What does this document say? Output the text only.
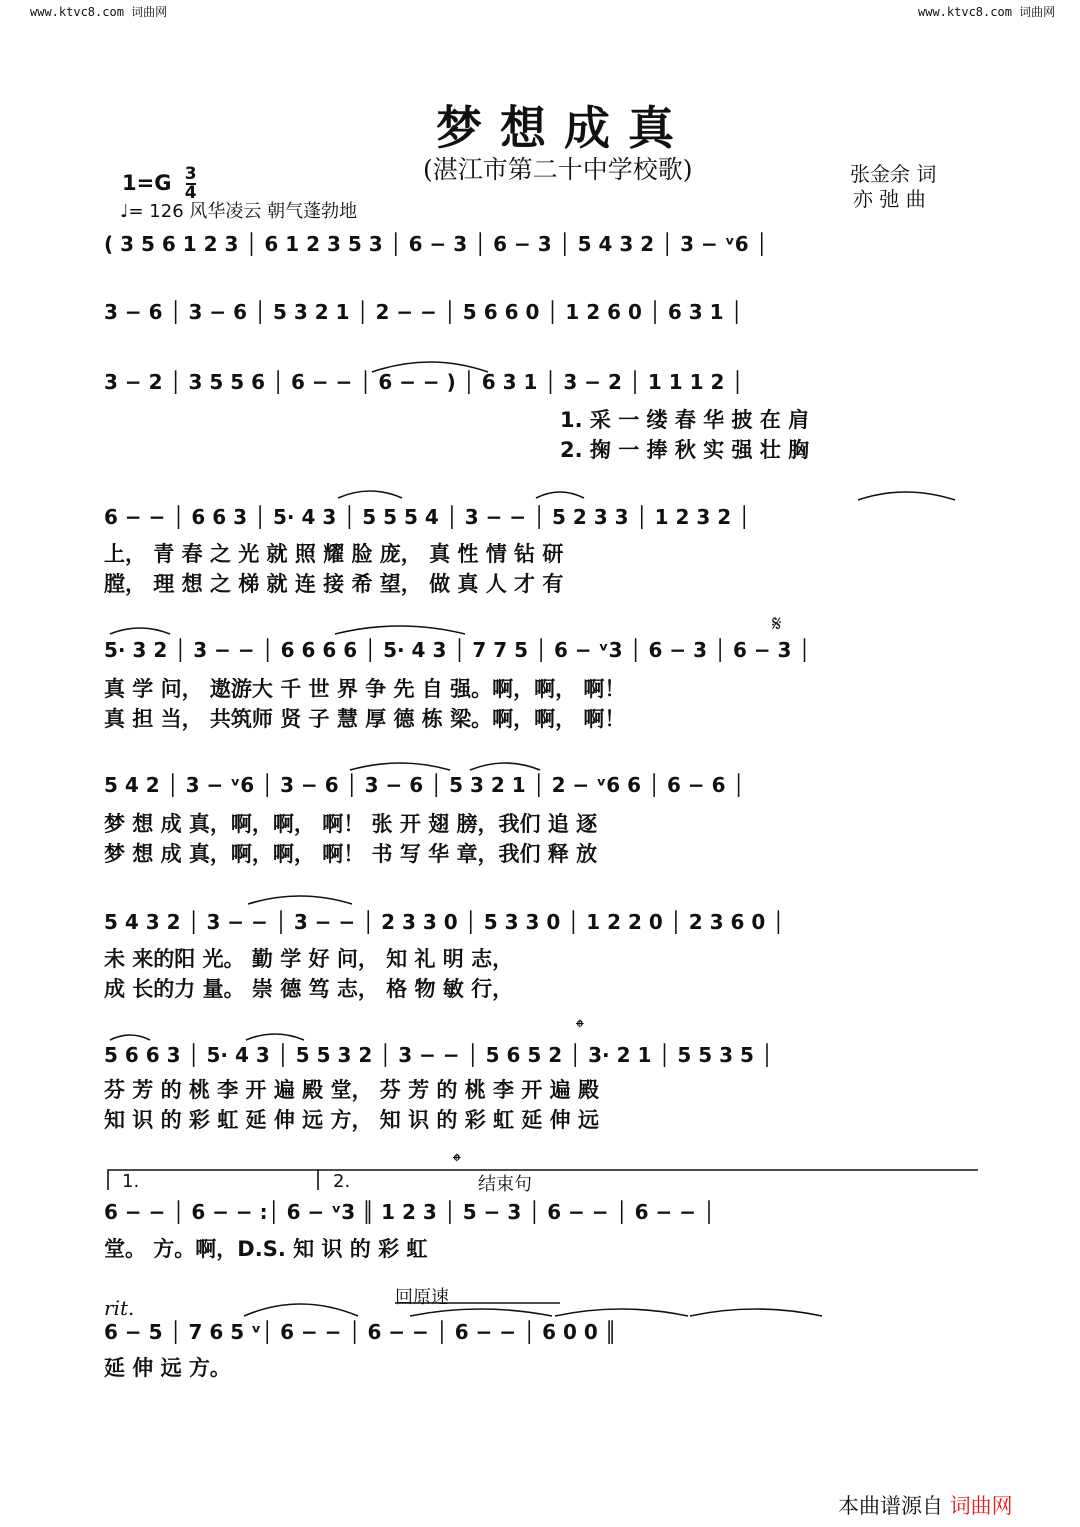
www.ktvc8.com 词曲网	www.ktvc8.com 词曲网
梦想成真
(湛江市第二十中学校歌)	张金余 词
亦 弛 曲
$1=G \frac{3}{4}$
♩= 126 风华凌云 朝气蓬勃地
𝄋
𝄌
𝄌
1.	2.	结束句
rit.	回原速
( 3 5 6 1 2 3 │ 6 1 2 3 5 3 │ 6 − 3 │ 6 − 3 │ 5 4 3 2 │ 3 − ᵛ6 │
3 − 6 │ 3 − 6 │ 5 3 2 1 │ 2 − − │ 5 6 6 0 │ 1 2 6 0 │ 6 3 1 │
3 − 2 │ 3 5 5 6 │ 6 − − │ 6 − − ) │ 6 3 1 │ 3 − 2 │ 1 1 1 2 │
1. 采 一 缕 春 华 披 在 肩
2. 掬 一 捧 秋 实 强 壮 胸
6 − − │ 6 6 3 │ 5· 4 3 │ 5 5 5 4 │ 3 − − │ 5 2 3 3 │ 1 2 3 2 │
上， 青 春 之 光 就 照 耀 脸 庞， 真 性 情 钻 研
膛， 理 想 之 梯 就 连 接 希 望， 做 真 人 才 有
5· 3 2 │ 3 − − │ 6 6 6 6 │ 5· 4 3 │ 7 7 5 │ 6 − ᵛ3 │ 6 − 3 │ 6 − 3 │
真 学 问， 遨游大 千 世 界 争 先 自 强。啊，啊， 啊！
真 担 当， 共筑师 贤 子 慧 厚 德 栋 梁。啊，啊， 啊！
5 4 2 │ 3 − ᵛ6 │ 3 − 6 │ 3 − 6 │ 5 3 2 1 │ 2 − ᵛ6 6 │ 6 − 6 │
梦 想 成 真，啊，啊， 啊！ 张 开 翅 膀，我们 追 逐
梦 想 成 真，啊，啊， 啊！ 书 写 华 章，我们 释 放
5 4 3 2 │ 3 − − │ 3 − − │ 2 3 3 0 │ 5 3 3 0 │ 1 2 2 0 │ 2 3 6 0 │
未 来的阳 光。 勤 学 好 问， 知 礼 明 志，
成 长的力 量。 崇 德 笃 志， 格 物 敏 行，
5 6 6 3 │ 5· 4 3 │ 5 5 3 2 │ 3 − − │ 5 6 5 2 │ 3· 2 1 │ 5 5 3 5 │
芬 芳 的 桃 李 开 遍 殿 堂， 芬 芳 的 桃 李 开 遍 殿
知 识 的 彩 虹 延 伸 远 方， 知 识 的 彩 虹 延 伸 远
6 − − │ 6 − − :│ 6 − ᵛ3 ║ 1 2 3 │ 5 − 3 │ 6 − − │ 6 − − │
堂。 方。啊，D.S. 知 识 的 彩 虹
6 − 5 │ 7 6 5 ᵛ│ 6 − − │ 6 − − │ 6 − − │ 6 0 0 ║
延 伸 远 方。
本曲谱源自 词曲网
